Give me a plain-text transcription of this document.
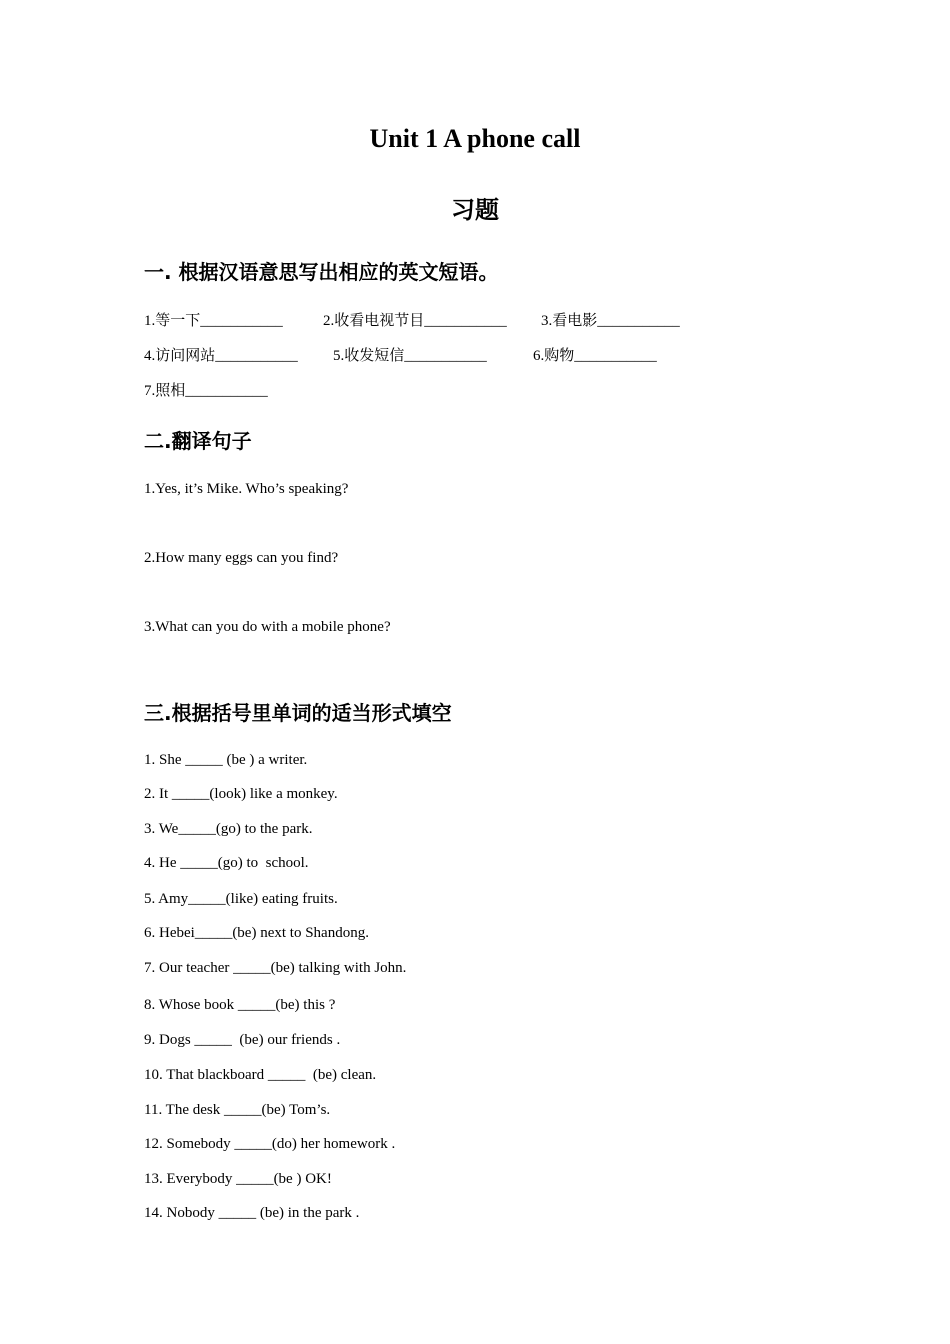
Unit 1 A phone call
习题
一. 根据汉语意思写出相应的英文短语。
1.等一下___________	2.收看电视节目___________ 3.看电影___________
4.访问网站___________ 5.收发短信___________	6.购物___________
7.照相___________
二.翻译句子
1.Yes, it’s Mike. Who’s speaking?
2.How many eggs can you find?
3.What can you do with a mobile phone?
三.根据括号里单词的适当形式填空
1. She _____ (be ) a writer.
2. It _____(look) like a monkey.
3. We_____(go) to the park.
4. He _____(go) to  school.
5. Amy_____(like) eating fruits.
6. Hebei_____(be) next to Shandong.
7. Our teacher _____(be) talking with John.
8. Whose book _____(be) this ?
9. Dogs _____  (be) our friends .
10. That blackboard _____  (be) clean.
11. The desk _____(be) Tom’s.
12. Somebody _____(do) her homework .
13. Everybody _____(be ) OK!
14. Nobody _____ (be) in the park .
